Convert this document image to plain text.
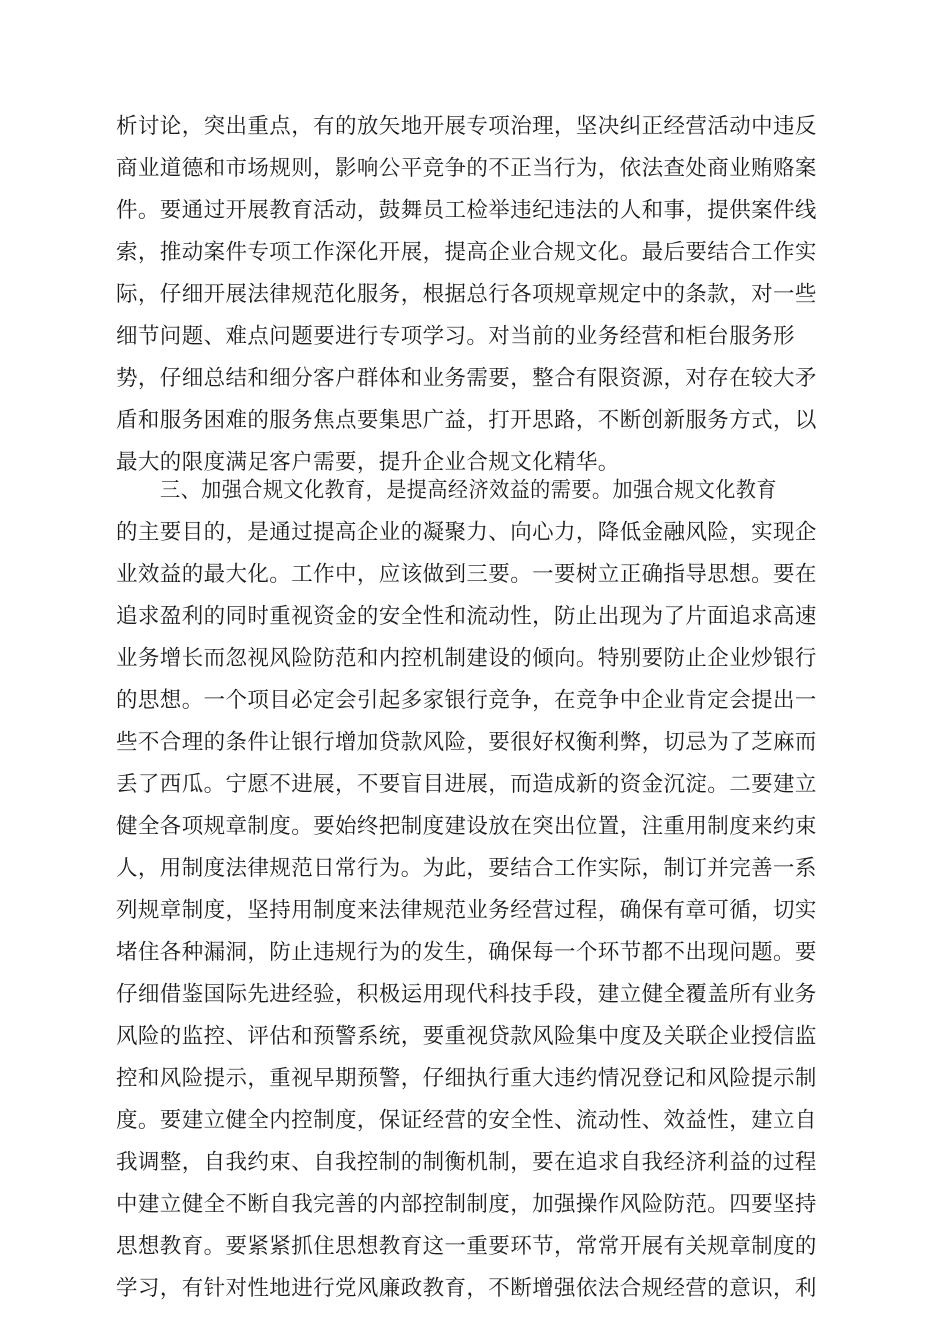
析讨论，突出重点，有的放矢地开展专项治理，坚决纠正经营活动中违反
商业道德和市场规则，影响公平竞争的不正当行为，依法查处商业贿赂案
件。要通过开展教育活动，鼓舞员工检举违纪违法的人和事，提供案件线
索，推动案件专项工作深化开展，提高企业合规文化。最后要结合工作实
际，仔细开展法律规范化服务，根据总行各项规章规定中的条款，对一些
细节问题、难点问题要进行专项学习。对当前的业务经营和柜台服务形
势，仔细总结和细分客户群体和业务需要，整合有限资源，对存在较大矛
盾和服务困难的服务焦点要集思广益，打开思路，不断创新服务方式，以
最大的限度满足客户需要，提升企业合规文化精华。
三、加强合规文化教育，是提高经济效益的需要。加强合规文化教育
的主要目的，是通过提高企业的凝聚力、向心力，降低金融风险，实现企
业效益的最大化。工作中，应该做到三要。一要树立正确指导思想。要在
追求盈利的同时重视资金的安全性和流动性，防止出现为了片面追求高速
业务增长而忽视风险防范和内控机制建设的倾向。特别要防止企业炒银行
的思想。一个项目必定会引起多家银行竞争，在竞争中企业肯定会提出一
些不合理的条件让银行增加贷款风险，要很好权衡利弊，切忌为了芝麻而
丢了西瓜。宁愿不进展，不要盲目进展，而造成新的资金沉淀。二要建立
健全各项规章制度。要始终把制度建设放在突出位置，注重用制度来约束
人，用制度法律规范日常行为。为此，要结合工作实际，制订并完善一系
列规章制度，坚持用制度来法律规范业务经营过程，确保有章可循，切实
堵住各种漏洞，防止违规行为的发生，确保每一个环节都不出现问题。要
仔细借鉴国际先进经验，积极运用现代科技手段，建立健全覆盖所有业务
风险的监控、评估和预警系统，要重视贷款风险集中度及关联企业授信监
控和风险提示，重视早期预警，仔细执行重大违约情况登记和风险提示制
度。要建立健全内控制度，保证经营的安全性、流动性、效益性，建立自
我调整，自我约束、自我控制的制衡机制，要在追求自我经济利益的过程
中建立健全不断自我完善的内部控制制度，加强操作风险防范。四要坚持
思想教育。要紧紧抓住思想教育这一重要环节，常常开展有关规章制度的
学习，有针对性地进行党风廉政教育，不断增强依法合规经营的意识，利
